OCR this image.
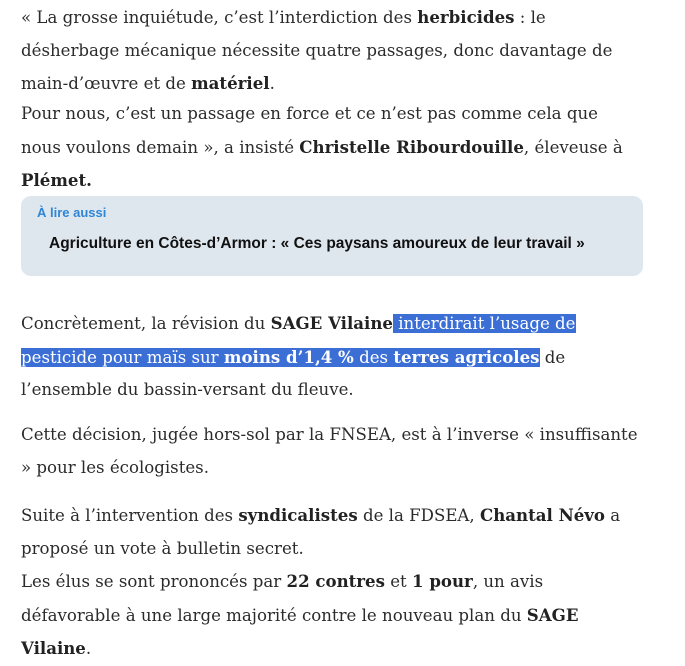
« La grosse inquiétude, c’est l’interdiction des herbicides : le désherbage mécanique nécessite quatre passages, donc davantage de main-d’œuvre et de matériel.

Pour nous, c’est un passage en force et ce n’est pas comme cela que nous voulons demain », a insisté Christelle Ribourdouille, éleveuse à Plémet.

À lire aussi
Agriculture en Côtes-d’Armor : « Ces paysans amoureux de leur travail »

Concrètement, la révision du SAGE Vilaine interdirait l’usage de pesticide pour maïs sur moins d’1,4 % des terres agricoles de l’ensemble du bassin-versant du fleuve.

Cette décision, jugée hors-sol par la FNSEA, est à l’inverse « insuffisante » pour les écologistes.

Suite à l’intervention des syndicalistes de la FDSEA, Chantal Névo a proposé un vote à bulletin secret.
Les élus se sont prononcés par 22 contres et 1 pour, un avis défavorable à une large majorité contre le nouveau plan du SAGE Vilaine.
